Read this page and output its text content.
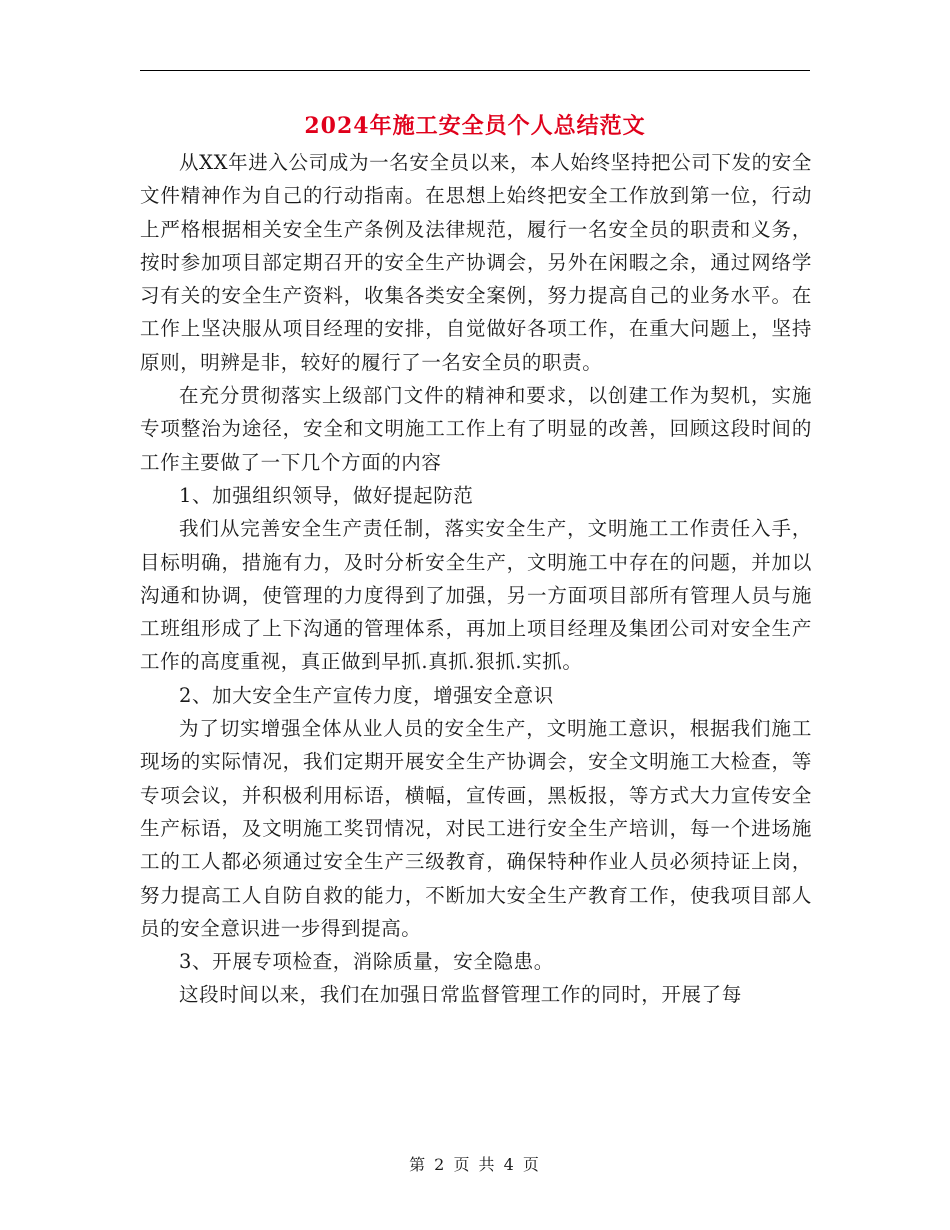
2024年施工安全员个人总结范文

从XX年进入公司成为一名安全员以来，本人始终坚持把公司下发的安全文件精神作为自己的行动指南。在思想上始终把安全工作放到第一位，行动上严格根据相关安全生产条例及法律规范，履行一名安全员的职责和义务，按时参加项目部定期召开的安全生产协调会，另外在闲暇之余，通过网络学习有关的安全生产资料，收集各类安全案例，努力提高自己的业务水平。在工作上坚决服从项目经理的安排，自觉做好各项工作，在重大问题上，坚持原则，明辨是非，较好的履行了一名安全员的职责。

在充分贯彻落实上级部门文件的精神和要求，以创建工作为契机，实施专项整治为途径，安全和文明施工工作上有了明显的改善，回顾这段时间的工作主要做了一下几个方面的内容

1、加强组织领导，做好提起防范

我们从完善安全生产责任制，落实安全生产，文明施工工作责任入手，目标明确，措施有力，及时分析安全生产，文明施工中存在的问题，并加以沟通和协调，使管理的力度得到了加强，另一方面项目部所有管理人员与施工班组形成了上下沟通的管理体系，再加上项目经理及集团公司对安全生产工作的高度重视，真正做到早抓.真抓.狠抓.实抓。

2、加大安全生产宣传力度，增强安全意识

为了切实增强全体从业人员的安全生产，文明施工意识，根据我们施工现场的实际情况，我们定期开展安全生产协调会，安全文明施工大检查，等专项会议，并积极利用标语，横幅，宣传画，黑板报，等方式大力宣传安全生产标语，及文明施工奖罚情况，对民工进行安全生产培训，每一个进场施工的工人都必须通过安全生产三级教育，确保特种作业人员必须持证上岗，努力提高工人自防自救的能力，不断加大安全生产教育工作，使我项目部人员的安全意识进一步得到提高。

3、开展专项检查，消除质量，安全隐患。

这段时间以来，我们在加强日常监督管理工作的同时，开展了每

第 2 页 共 4 页
